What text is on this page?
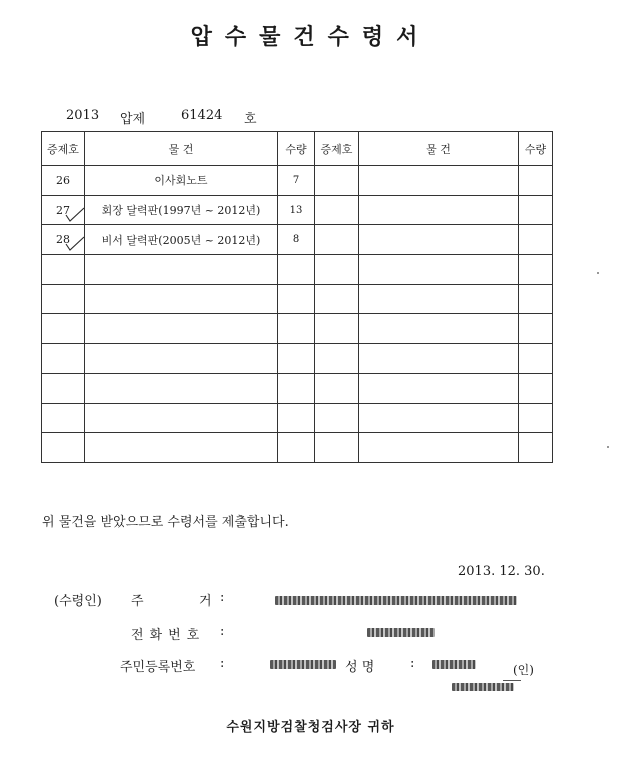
압수물건수령서
2013 압제	61424 호
증제호	물 건	수량	증제호	물 건	수량
26	이사회노트	7			
27	회장 달력판(1997년 ~ 2012년)	13			
28	비서 달력판(2005년 ~ 2012년)	8			

위 물건을 받았으므로 수령서를 제출합니다.
2013. 12. 30.
(수령인) 주	거 :
전화번호 :
주민등록번호 :	성 명	:	(인)
수원지방검찰청검사장 귀하
